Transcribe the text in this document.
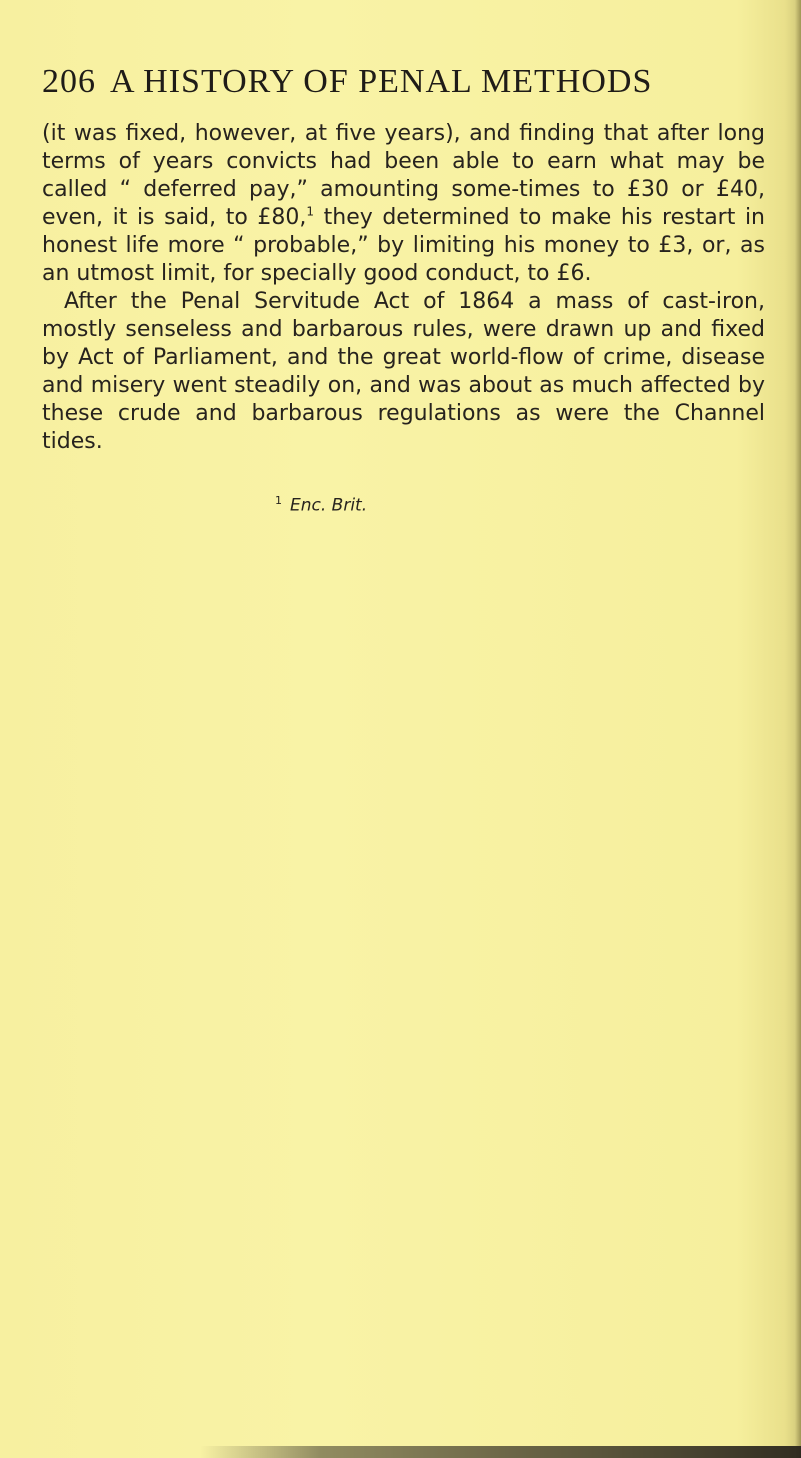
206 A HISTORY OF PENAL METHODS

(it was fixed, however, at five years), and finding that after long terms of years convicts had been able to earn what may be called “ deferred pay,” amounting some-times to £30 or £40, even, it is said, to £80,$^1$ they determined to make his restart in honest life more “ probable,” by limiting his money to £3, or, as an utmost limit, for specially good conduct, to £6.

After the Penal Servitude Act of 1864 a mass of cast-iron, mostly senseless and barbarous rules, were drawn up and fixed by Act of Parliament, and the great world-flow of crime, disease and misery went steadily on, and was about as much affected by these crude and barbarous regulations as were the Channel tides.

$^1$ Enc. Brit.
